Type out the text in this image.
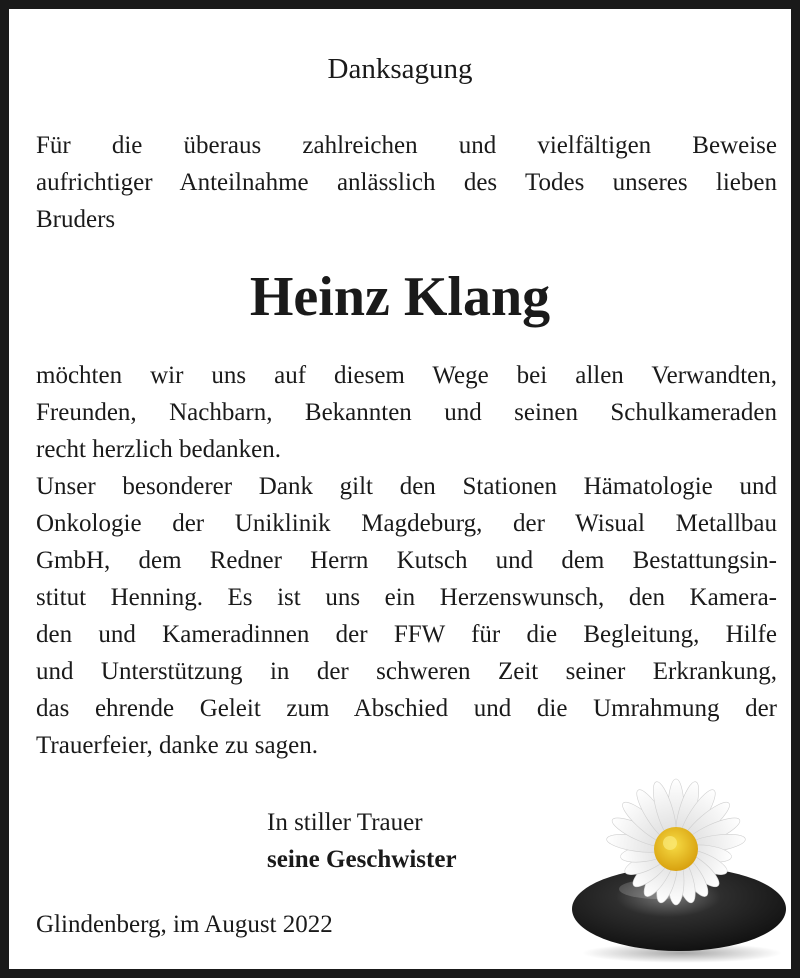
Danksagung
Für die überaus zahlreichen und vielfältigen Beweise
aufrichtiger Anteilnahme anlässlich des Todes unseres lieben
Bruders
Heinz Klang
möchten wir uns auf diesem Wege bei allen Verwandten,
Freunden, Nachbarn, Bekannten und seinen Schulkameraden
recht herzlich bedanken.
Unser besonderer Dank gilt den Stationen Hämatologie und
Onkologie der Uniklinik Magdeburg, der Wisual Metallbau
GmbH, dem Redner Herrn Kutsch und dem Bestattungsin-
stitut Henning. Es ist uns ein Herzenswunsch, den Kamera-
den und Kameradinnen der FFW für die Begleitung, Hilfe
und Unterstützung in der schweren Zeit seiner Erkrankung,
das ehrende Geleit zum Abschied und die Umrahmung der
Trauerfeier, danke zu sagen.
In stiller Trauer
seine Geschwister
Glindenberg, im August 2022
